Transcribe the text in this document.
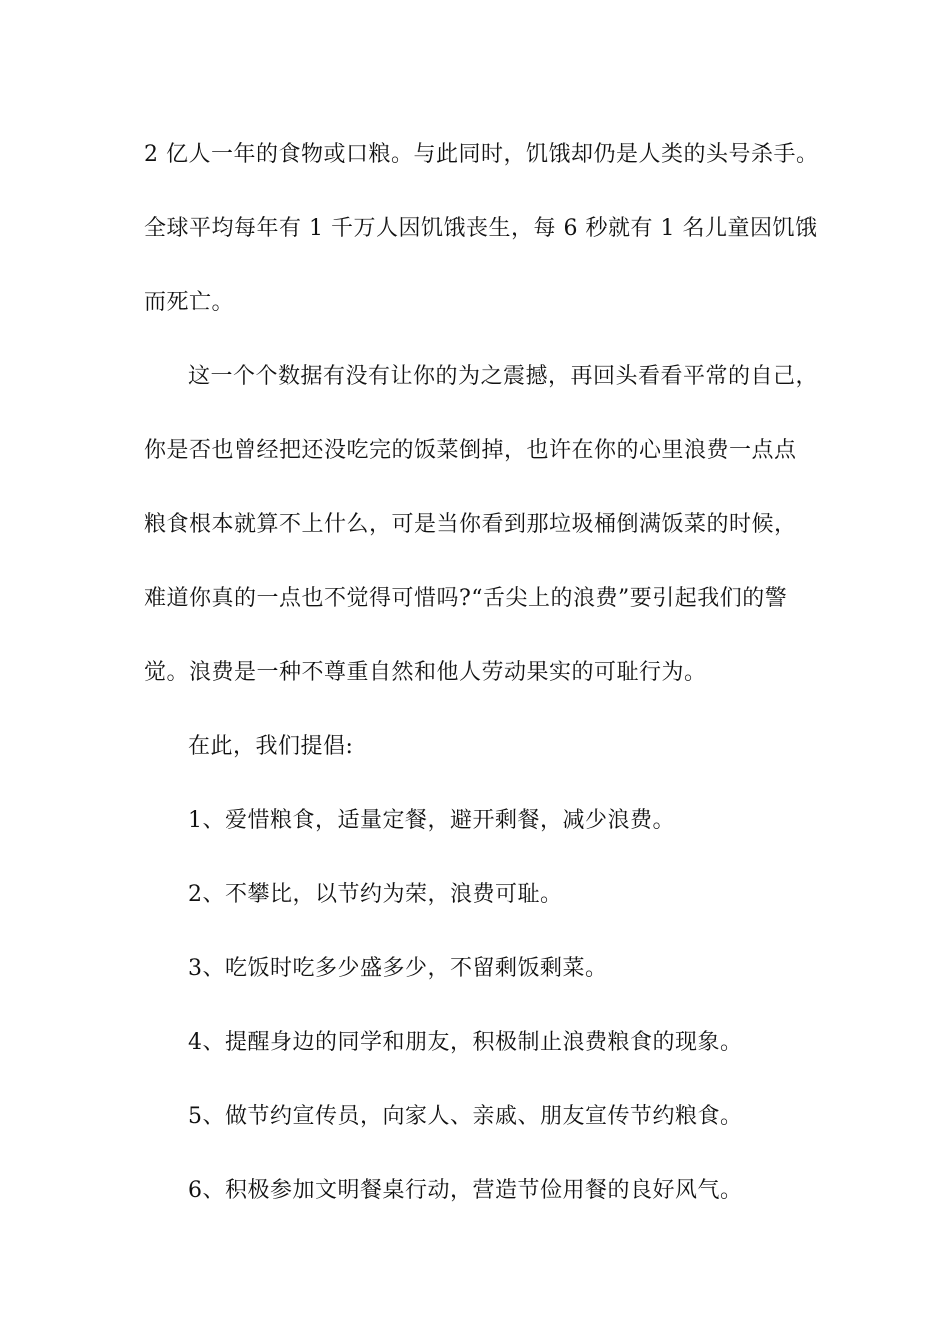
2 亿人一年的食物或口粮。与此同时，饥饿却仍是人类的头号杀手。
全球平均每年有 1 千万人因饥饿丧生，每 6 秒就有 1 名儿童因饥饿
而死亡。
这一个个数据有没有让你的为之震撼，再回头看看平常的自己，
你是否也曾经把还没吃完的饭菜倒掉，也许在你的心里浪费一点点
粮食根本就算不上什么，可是当你看到那垃圾桶倒满饭菜的时候，
难道你真的一点也不觉得可惜吗?“舌尖上的浪费”要引起我们的警
觉。浪费是一种不尊重自然和他人劳动果实的可耻行为。
在此，我们提倡:
1、爱惜粮食，适量定餐，避开剩餐，减少浪费。
2、不攀比，以节约为荣，浪费可耻。
3、吃饭时吃多少盛多少，不留剩饭剩菜。
4、提醒身边的同学和朋友，积极制止浪费粮食的现象。
5、做节约宣传员，向家人、亲戚、朋友宣传节约粮食。
6、积极参加文明餐桌行动，营造节俭用餐的良好风气。
